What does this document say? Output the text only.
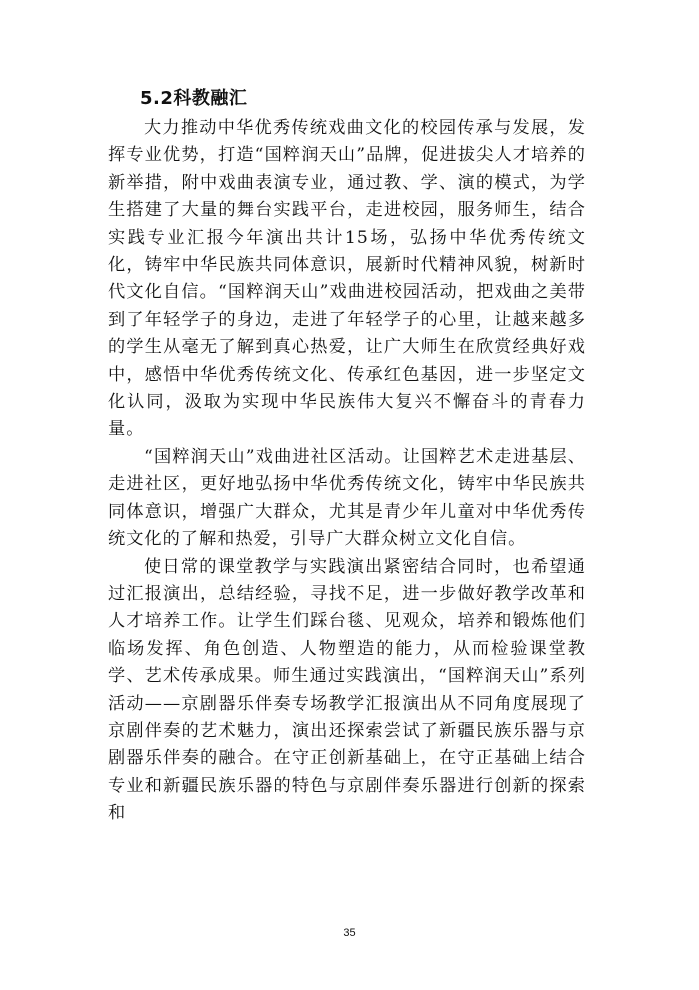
5.2科教融汇

大力推动中华优秀传统戏曲文化的校园传承与发展，发挥专业优势，打造“国粹润天山”品牌，促进拔尖人才培养的新举措，附中戏曲表演专业，通过教、学、演的模式，为学生搭建了大量的舞台实践平台，走进校园，服务师生，结合实践专业汇报今年演出共计15场，弘扬中华优秀传统文化，铸牢中华民族共同体意识，展新时代精神风貌，树新时代文化自信。“国粹润天山”戏曲进校园活动，把戏曲之美带到了年轻学子的身边，走进了年轻学子的心里，让越来越多的学生从毫无了解到真心热爱，让广大师生在欣赏经典好戏中，感悟中华优秀传统文化、传承红色基因，进一步坚定文化认同，汲取为实现中华民族伟大复兴不懈奋斗的青春力量。

“国粹润天山”戏曲进社区活动。让国粹艺术走进基层、走进社区，更好地弘扬中华优秀传统文化，铸牢中华民族共同体意识，增强广大群众，尤其是青少年儿童对中华优秀传统文化的了解和热爱，引导广大群众树立文化自信。

使日常的课堂教学与实践演出紧密结合同时，也希望通过汇报演出，总结经验，寻找不足，进一步做好教学改革和人才培养工作。让学生们踩台毯、见观众，培养和锻炼他们临场发挥、角色创造、人物塑造的能力，从而检验课堂教学、艺术传承成果。师生通过实践演出，“国粹润天山”系列活动——京剧器乐伴奏专场教学汇报演出从不同角度展现了京剧伴奏的艺术魅力，演出还探索尝试了新疆民族乐器与京剧器乐伴奏的融合。在守正创新基础上，在守正基础上结合专业和新疆民族乐器的特色与京剧伴奏乐器进行创新的探索和

35
